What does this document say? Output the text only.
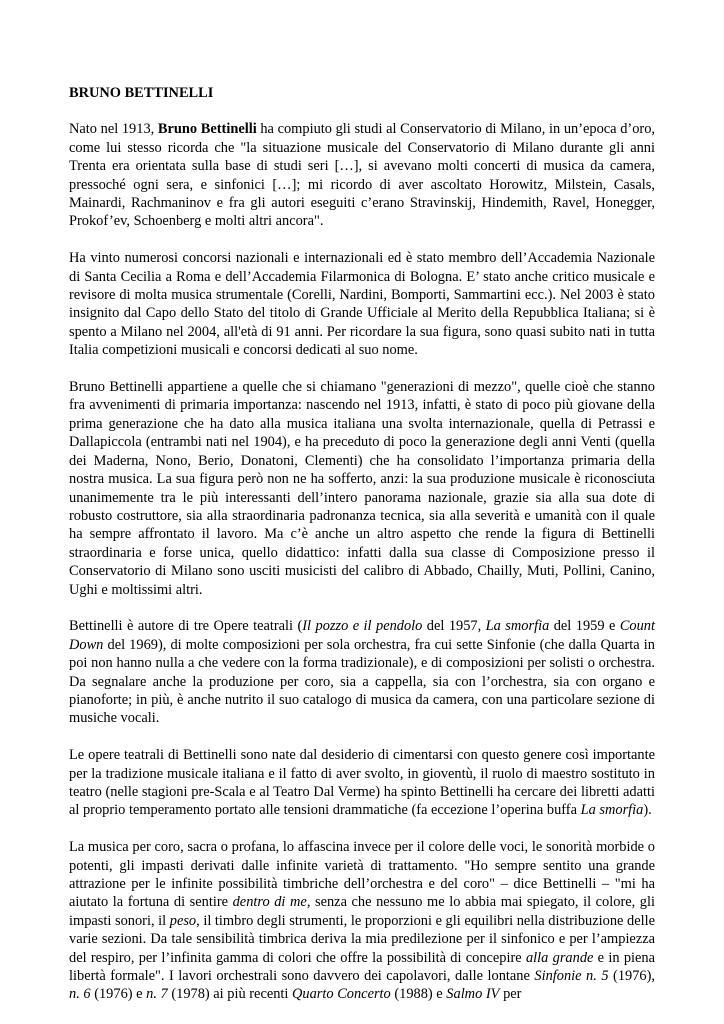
BRUNO BETTINELLI

Nato nel 1913, Bruno Bettinelli ha compiuto gli studi al Conservatorio di Milano, in un’epoca d’oro, come lui stesso ricorda che "la situazione musicale del Conservatorio di Milano durante gli anni Trenta era orientata sulla base di studi seri […], si avevano molti concerti di musica da camera, pressoché ogni sera, e sinfonici […]; mi ricordo di aver ascoltato Horowitz, Milstein, Casals, Mainardi, Rachmaninov e fra gli autori eseguiti c’erano Stravinskij, Hindemith, Ravel, Honegger, Prokof’ev, Schoenberg e molti altri ancora".

Ha vinto numerosi concorsi nazionali e internazionali ed è stato membro dell’Accademia Nazionale di Santa Cecilia a Roma e dell’Accademia Filarmonica di Bologna. E’ stato anche critico musicale e revisore di molta musica strumentale (Corelli, Nardini, Bomporti, Sammartini ecc.). Nel 2003 è stato insignito dal Capo dello Stato del titolo di Grande Ufficiale al Merito della Repubblica Italiana; si è spento a Milano nel 2004, all'età di 91 anni. Per ricordare la sua figura, sono quasi subito nati in tutta Italia competizioni musicali e concorsi dedicati al suo nome.

Bruno Bettinelli appartiene a quelle che si chiamano "generazioni di mezzo", quelle cioè che stanno fra avvenimenti di primaria importanza: nascendo nel 1913, infatti, è stato di poco più giovane della prima generazione che ha dato alla musica italiana una svolta internazionale, quella di Petrassi e Dallapiccola (entrambi nati nel 1904), e ha preceduto di poco la generazione degli anni Venti (quella dei Maderna, Nono, Berio, Donatoni, Clementi) che ha consolidato l’importanza primaria della nostra musica. La sua figura però non ne ha sofferto, anzi: la sua produzione musicale è riconosciuta unanimemente tra le più interessanti dell’intero panorama nazionale, grazie sia alla sua dote di robusto costruttore, sia alla straordinaria padronanza tecnica, sia alla severità e umanità con il quale ha sempre affrontato il lavoro. Ma c’è anche un altro aspetto che rende la figura di Bettinelli straordinaria e forse unica, quello didattico: infatti dalla sua classe di Composizione presso il Conservatorio di Milano sono usciti musicisti del calibro di Abbado, Chailly, Muti, Pollini, Canino, Ughi e moltissimi altri.

Bettinelli è autore di tre Opere teatrali (Il pozzo e il pendolo del 1957, La smorfia del 1959 e Count Down del 1969), di molte composizioni per sola orchestra, fra cui sette Sinfonie (che dalla Quarta in poi non hanno nulla a che vedere con la forma tradizionale), e di composizioni per solisti o orchestra. Da segnalare anche la produzione per coro, sia a cappella, sia con l’orchestra, sia con organo e pianoforte; in più, è anche nutrito il suo catalogo di musica da camera, con una particolare sezione di musiche vocali.

Le opere teatrali di Bettinelli sono nate dal desiderio di cimentarsi con questo genere così importante per la tradizione musicale italiana e il fatto di aver svolto, in gioventù, il ruolo di maestro sostituto in teatro (nelle stagioni pre-Scala e al Teatro Dal Verme) ha spinto Bettinelli ha cercare dei libretti adatti al proprio temperamento portato alle tensioni drammatiche (fa eccezione l’operina buffa La smorfia).

La musica per coro, sacra o profana, lo affascina invece per il colore delle voci, le sonorità morbide o potenti, gli impasti derivati dalle infinite varietà di trattamento. "Ho sempre sentito una grande attrazione per le infinite possibilità timbriche dell’orchestra e del coro" – dice Bettinelli – "mi ha aiutato la fortuna di sentire dentro di me, senza che nessuno me lo abbia mai spiegato, il colore, gli impasti sonori, il peso, il timbro degli strumenti, le proporzioni e gli equilibri nella distribuzione delle varie sezioni. Da tale sensibilità timbrica deriva la mia predilezione per il sinfonico e per l’ampiezza del respiro, per l’infinita gamma di colori che offre la possibilità di concepire alla grande e in piena libertà formale". I lavori orchestrali sono davvero dei capolavori, dalle lontane Sinfonie n. 5 (1976), n. 6 (1976) e n. 7 (1978) ai più recenti Quarto Concerto (1988) e Salmo IV per
